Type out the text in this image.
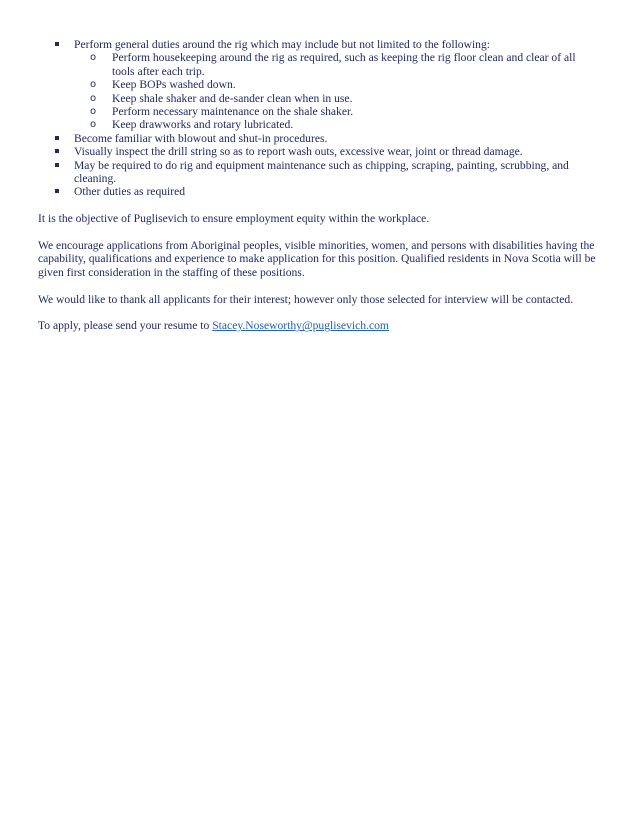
Perform general duties around the rig which may include but not limited to the following:
o Perform housekeeping around the rig as required, such as keeping the rig floor clean and clear of all tools after each trip.
o Keep BOPs washed down.
o Keep shale shaker and de-sander clean when in use.
o Perform necessary maintenance on the shale shaker.
o Keep drawworks and rotary lubricated.
Become familiar with blowout and shut-in procedures.
Visually inspect the drill string so as to report wash outs, excessive wear, joint or thread damage.
May be required to do rig and equipment maintenance such as chipping, scraping, painting, scrubbing, and cleaning.
Other duties as required

It is the objective of Puglisevich to ensure employment equity within the workplace.

We encourage applications from Aboriginal peoples, visible minorities, women, and persons with disabilities having the capability, qualifications and experience to make application for this position. Qualified residents in Nova Scotia will be given first consideration in the staffing of these positions.

We would like to thank all applicants for their interest; however only those selected for interview will be contacted.

To apply, please send your resume to Stacey.Noseworthy@puglisevich.com
